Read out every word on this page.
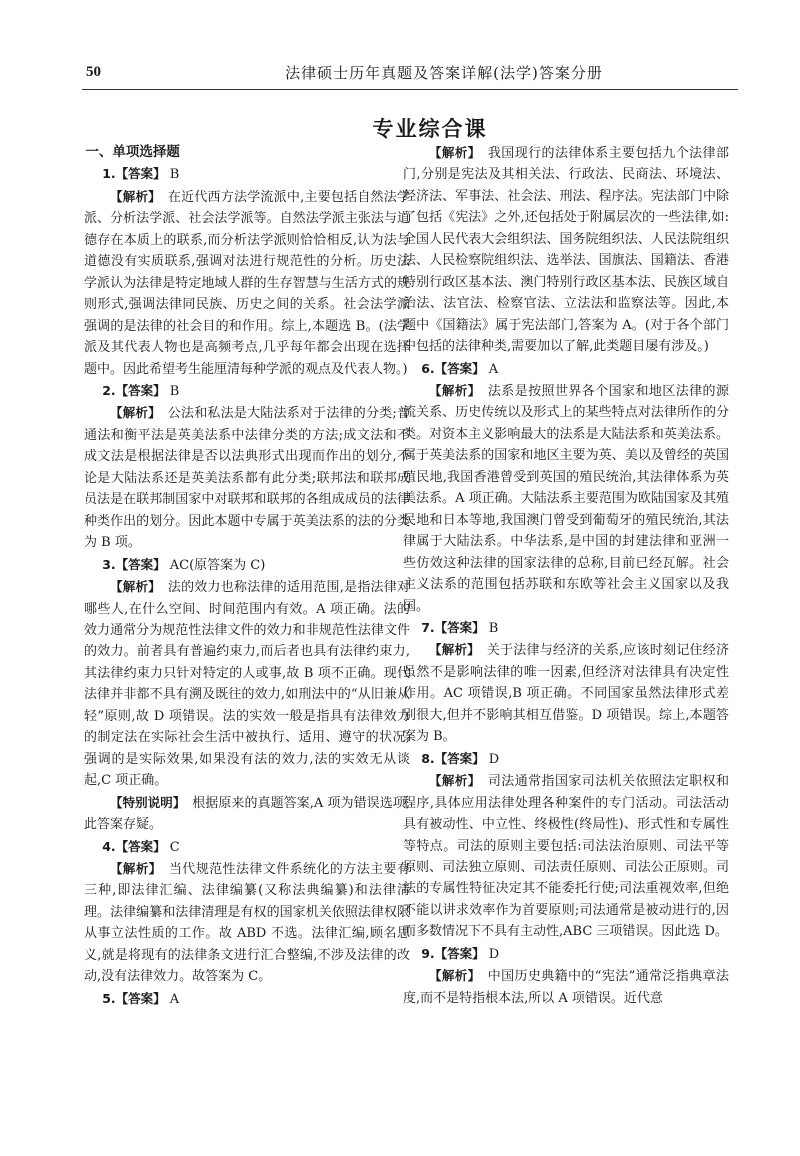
50	法律硕士历年真题及答案详解(法学)答案分册
专业综合课

一、单项选择题

1.【答案】 B

【解析】　在近代西方法学流派中,主要包括自然法学派、分析法学派、社会法学派等。自然法学派主张法与道德存在本质上的联系,而分析法学派则恰恰相反,认为法与道德没有实质联系,强调对法进行规范性的分析。历史法学派认为法律是特定地域人群的生存智慧与生活方式的规则形式,强调法律同民族、历史之间的关系。社会法学派强调的是法律的社会目的和作用。综上,本题选 B。(法学派及其代表人物也是高频考点,几乎每年都会出现在选择题中。因此希望考生能厘清每种学派的观点及代表人物。)

2.【答案】 B

【解析】　公法和私法是大陆法系对于法律的分类;普通法和衡平法是英美法系中法律分类的方法;成文法和不成文法是根据法律是否以法典形式出现而作出的划分,不论是大陆法系还是英美法系都有此分类;联邦法和联邦成员法是在联邦制国家中对联邦和联邦的各组成成员的法律种类作出的划分。因此本题中专属于英美法系的法的分类为 B 项。

3.【答案】 AC(原答案为 C)

【解析】　法的效力也称法律的适用范围,是指法律对哪些人,在什么空间、时间范围内有效。A 项正确。法的效力通常分为规范性法律文件的效力和非规范性法律文件的效力。前者具有普遍约束力,而后者也具有法律约束力,其法律约束力只针对特定的人或事,故 B 项不正确。现代法律并非都不具有溯及既往的效力,如刑法中的“从旧兼从轻”原则,故 D 项错误。法的实效一般是指具有法律效力的制定法在实际社会生活中被执行、适用、遵守的状况,强调的是实际效果,如果没有法的效力,法的实效无从谈起,C 项正确。

【特别说明】　根据原来的真题答案,A 项为错误选项,此答案存疑。

4.【答案】 C

【解析】　当代规范性法律文件系统化的方法主要有三种,即法律汇编、法律编纂(又称法典编纂)和法律清理。法律编纂和法律清理是有权的国家机关依照法律权限从事立法性质的工作。故 ABD 不选。法律汇编,顾名思义,就是将现有的法律条文进行汇合整编,不涉及法律的改动,没有法律效力。故答案为 C。

5.【答案】 A

【解析】　我国现行的法律体系主要包括九个法律部门,分别是宪法及其相关法、行政法、民商法、环境法、经济法、军事法、社会法、刑法、程序法。宪法部门中除了包括《宪法》之外,还包括处于附属层次的一些法律,如:全国人民代表大会组织法、国务院组织法、人民法院组织法、人民检察院组织法、选举法、国旗法、国籍法、香港特别行政区基本法、澳门特别行政区基本法、民族区域自治法、法官法、检察官法、立法法和监察法等。因此,本题中《国籍法》属于宪法部门,答案为 A。(对于各个部门中包括的法律种类,需要加以了解,此类题目屡有涉及。)

6.【答案】 A

【解析】　法系是按照世界各个国家和地区法律的源流关系、历史传统以及形式上的某些特点对法律所作的分类。对资本主义影响最大的法系是大陆法系和英美法系。属于英美法系的国家和地区主要为英、美以及曾经的英国殖民地,我国香港曾受到英国的殖民统治,其法律体系为英美法系。A 项正确。大陆法系主要范围为欧陆国家及其殖民地和日本等地,我国澳门曾受到葡萄牙的殖民统治,其法律属于大陆法系。中华法系,是中国的封建法律和亚洲一些仿效这种法律的国家法律的总称,目前已经瓦解。社会主义法系的范围包括苏联和东欧等社会主义国家以及我国。

7.【答案】 B

【解析】　关于法律与经济的关系,应该时刻记住经济虽然不是影响法律的唯一因素,但经济对法律具有决定性作用。AC 项错误,B 项正确。不同国家虽然法律形式差别很大,但并不影响其相互借鉴。D 项错误。综上,本题答案为 B。

8.【答案】 D

【解析】　司法通常指国家司法机关依照法定职权和程序,具体应用法律处理各种案件的专门活动。司法活动具有被动性、中立性、终极性(终局性)、形式性和专属性等特点。司法的原则主要包括:司法法治原则、司法平等原则、司法独立原则、司法责任原则、司法公正原则。司法的专属性特征决定其不能委托行使;司法重视效率,但绝不能以讲求效率作为首要原则;司法通常是被动进行的,因而多数情况下不具有主动性,ABC 三项错误。因此选 D。

9.【答案】 D

【解析】　中国历史典籍中的“宪法”通常泛指典章法度,而不是特指根本法,所以 A 项错误。近代意
